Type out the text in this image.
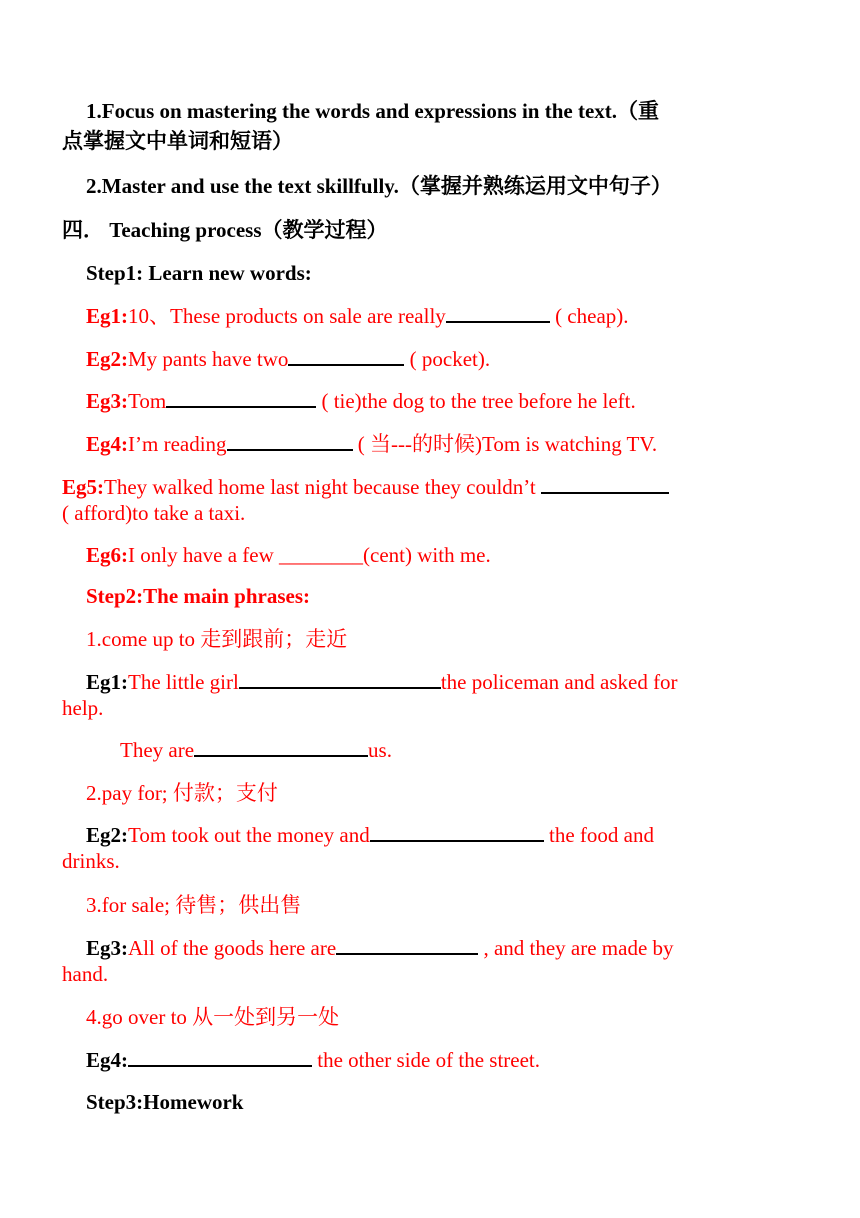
1.Focus on mastering the words and expressions in the text.（重
点掌握文中单词和短语）
2.Master and use the text skillfully.（掌握并熟练运用文中句子）
四． Teaching process（教学过程）
Step1: Learn new words:
Eg1:10、These products on sale are really	( cheap).
Eg2:My pants have two	( pocket).
Eg3:Tom	( tie)the dog to the tree before he left.
Eg4:I’m reading	( 当---的时候)Tom is watching TV.
Eg5:They walked home last night because they couldn’t
( afford)to take a taxi.
Eg6:I only have a few ________(cent) with me.
Step2:The main phrases:
1.come up to 走到跟前；走近
Eg1:The little girl	the policeman and asked for
help.
They are	us.
2.pay for; 付款；支付
Eg2:Tom took out the money and	the food and
drinks.
3.for sale; 待售；供出售
Eg3:All of the goods here are	, and they are made by
hand.
4.go over to 从一处到另一处
Eg4:	the other side of the street.
Step3:Homework
